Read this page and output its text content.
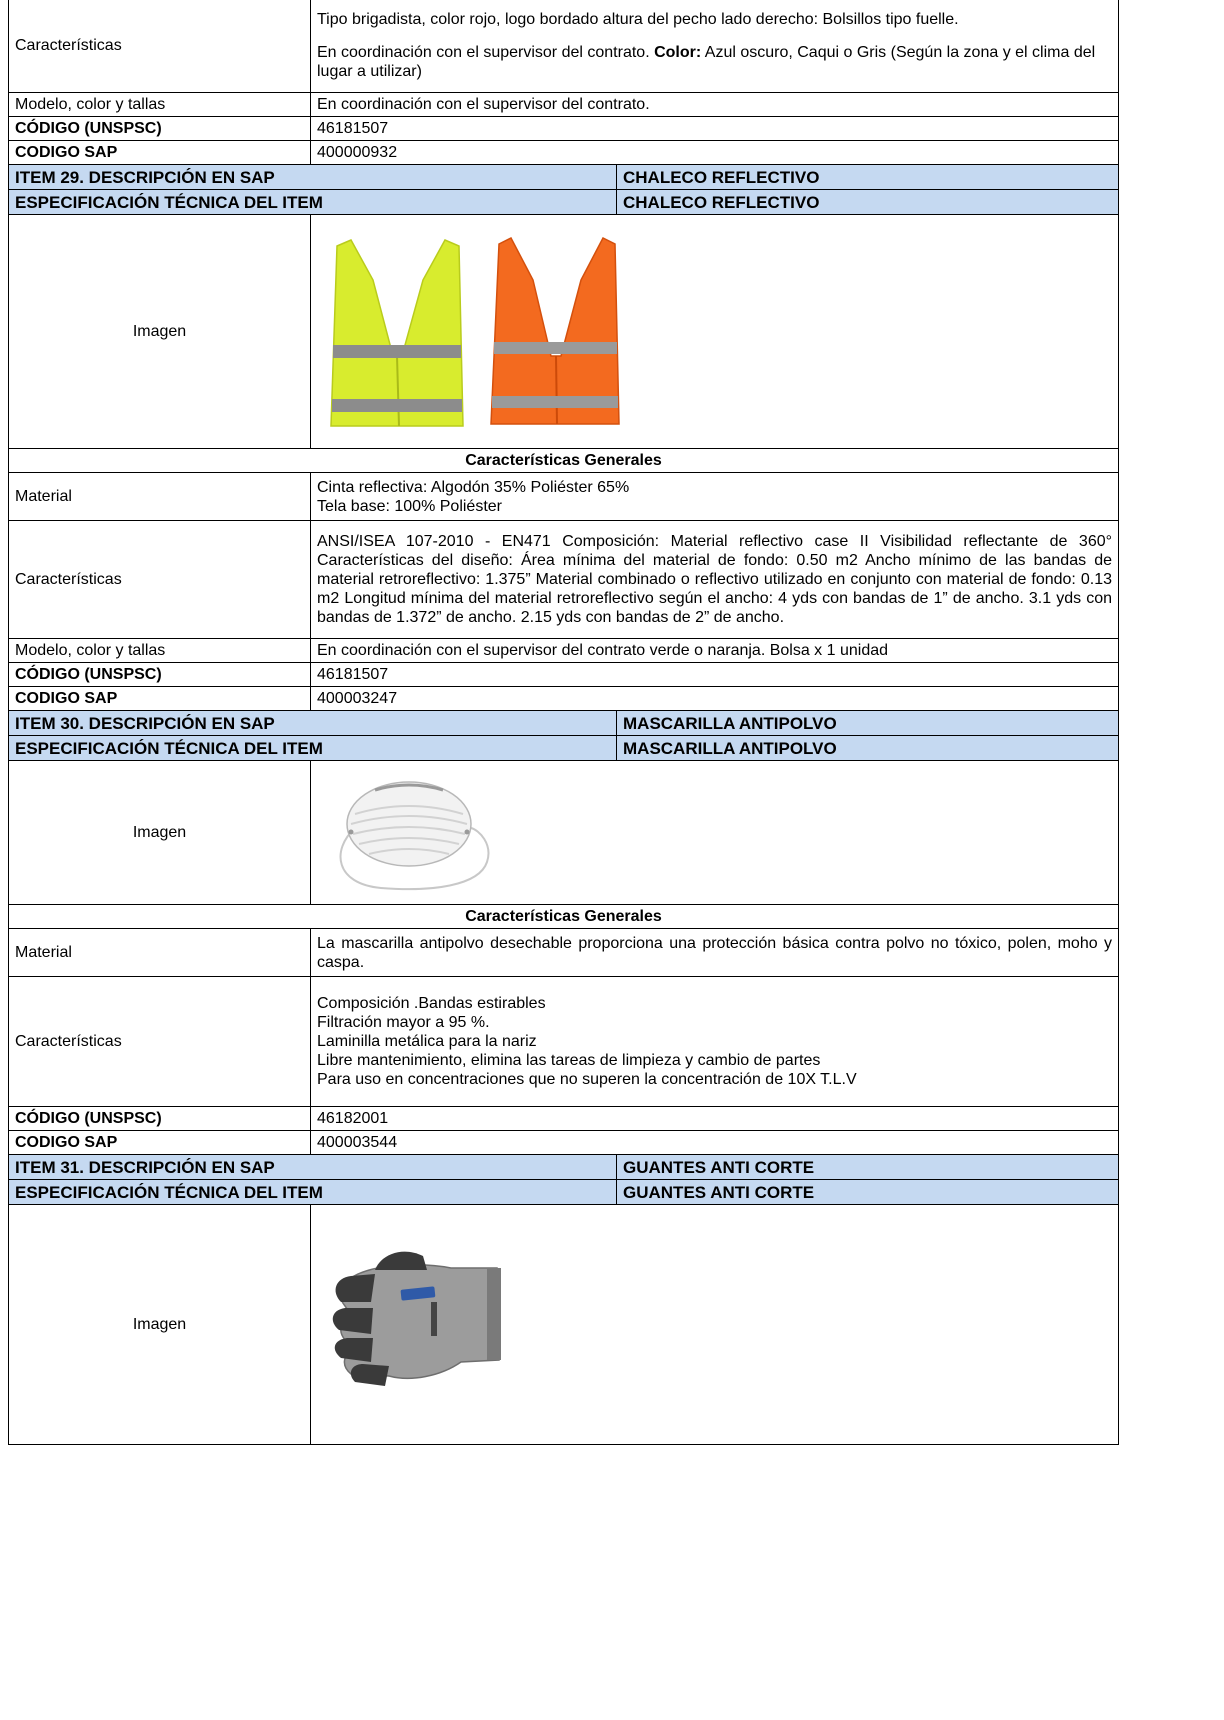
Características	Tipo brigadista, color rojo, logo bordado altura del pecho lado derecho: Bolsillos tipo fuelle.

En coordinación con el supervisor del contrato. Color: Azul oscuro, Caqui o Gris (Según la zona y el clima del lugar a utilizar)	

Modelo, color y tallas	En coordinación con el supervisor del contrato.	
CÓDIGO (UNSPSC)	46181507	
CODIGO SAP	400000932	
ITEM 29. DESCRIPCIÓN EN SAP		CHALECO REFLECTIVO
ESPECIFICACIÓN TÉCNICA DEL ITEM		CHALECO REFLECTIVO
Imagen	

Características Generales		
Material	Cinta reflectiva: Algodón 35% Poliéster 65%
Tela base: 100% Poliéster	

Características	ANSI/ISEA 107-2010 - EN471 Composición: Material reflectivo case II Visibilidad reflectante de 360° Características del diseño: Área mínima del material de fondo: 0.50 m2 Ancho mínimo de las bandas de material retroreflectivo: 1.375” Material combinado o reflectivo utilizado en conjunto con material de fondo: 0.13 m2 Longitud mínima del material retroreflectivo según el ancho: 4 yds con bandas de 1” de ancho. 3.1 yds con bandas de 1.372” de ancho. 2.15 yds con bandas de 2” de ancho.	
Modelo, color y tallas	En coordinación con el supervisor del contrato verde o naranja. Bolsa x 1 unidad	
CÓDIGO (UNSPSC)	46181507	
CODIGO SAP	400003247	
ITEM 30. DESCRIPCIÓN EN SAP		MASCARILLA ANTIPOLVO
ESPECIFICACIÓN TÉCNICA DEL ITEM		MASCARILLA ANTIPOLVO
Imagen	

Características Generales		
Material	La mascarilla antipolvo desechable proporciona una protección básica contra polvo no tóxico, polen, moho y caspa.	
Características	Composición .Bandas estirables
Filtración mayor a 95 %.
Laminilla metálica para la nariz
Libre mantenimiento, elimina las tareas de limpieza y cambio de partes
Para uso en concentraciones que no superen la concentración de 10X T.L.V	

CÓDIGO (UNSPSC)	46182001	
CODIGO SAP	400003544	
ITEM 31. DESCRIPCIÓN EN SAP		GUANTES ANTI CORTE
ESPECIFICACIÓN TÉCNICA DEL ITEM		GUANTES ANTI CORTE
Imagen	
